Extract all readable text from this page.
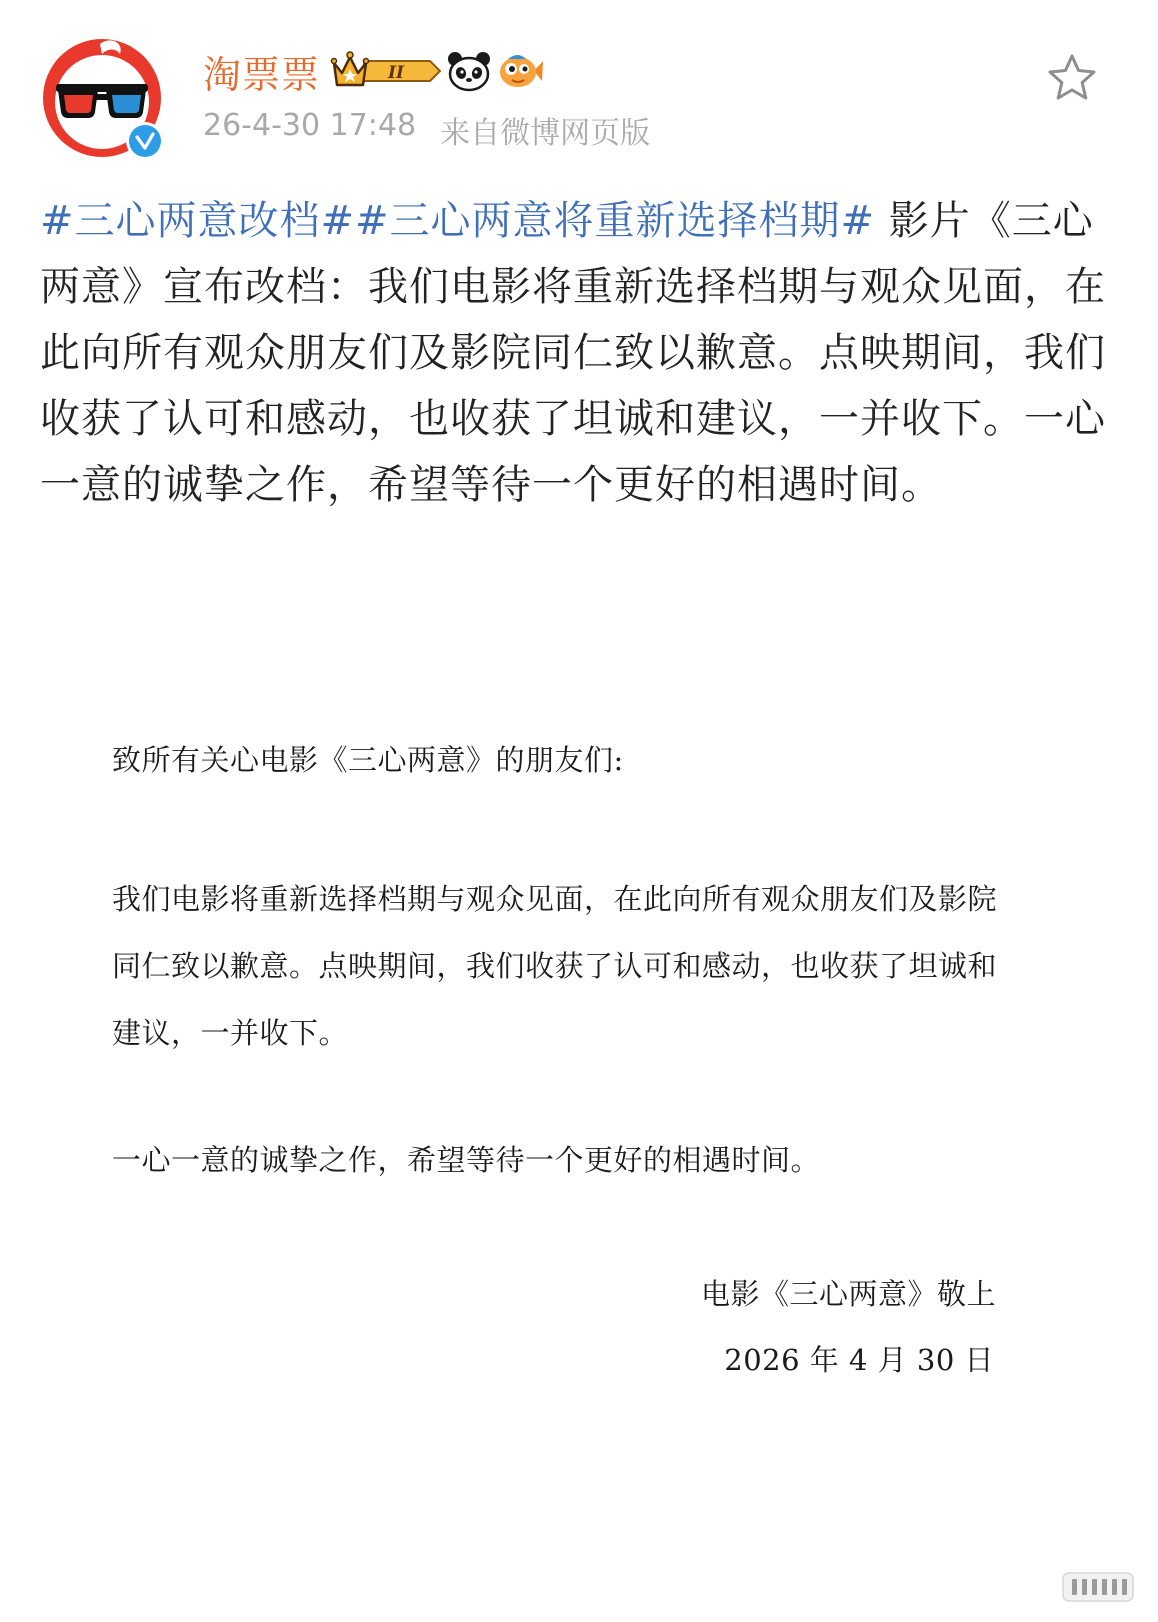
淘票票	II
26-4-30 17:48 来自微博网页版

#三心两意改档##三心两意将重新选择档期# 影片《三心两意》宣布改档：我们电影将重新选择档期与观众见面，在此向所有观众朋友们及影院同仁致以歉意。点映期间，我们收获了认可和感动，也收获了坦诚和建议，一并收下。一心一意的诚挚之作，希望等待一个更好的相遇时间。

致所有关心电影《三心两意》的朋友们:
我们电影将重新选择档期与观众见面，在此向所有观众朋友们及影院同仁致以歉意。点映期间，我们收获了认可和感动，也收获了坦诚和建议，一并收下。
一心一意的诚挚之作，希望等待一个更好的相遇时间。
电影《三心两意》敬上
2026 年 4 月 30 日
